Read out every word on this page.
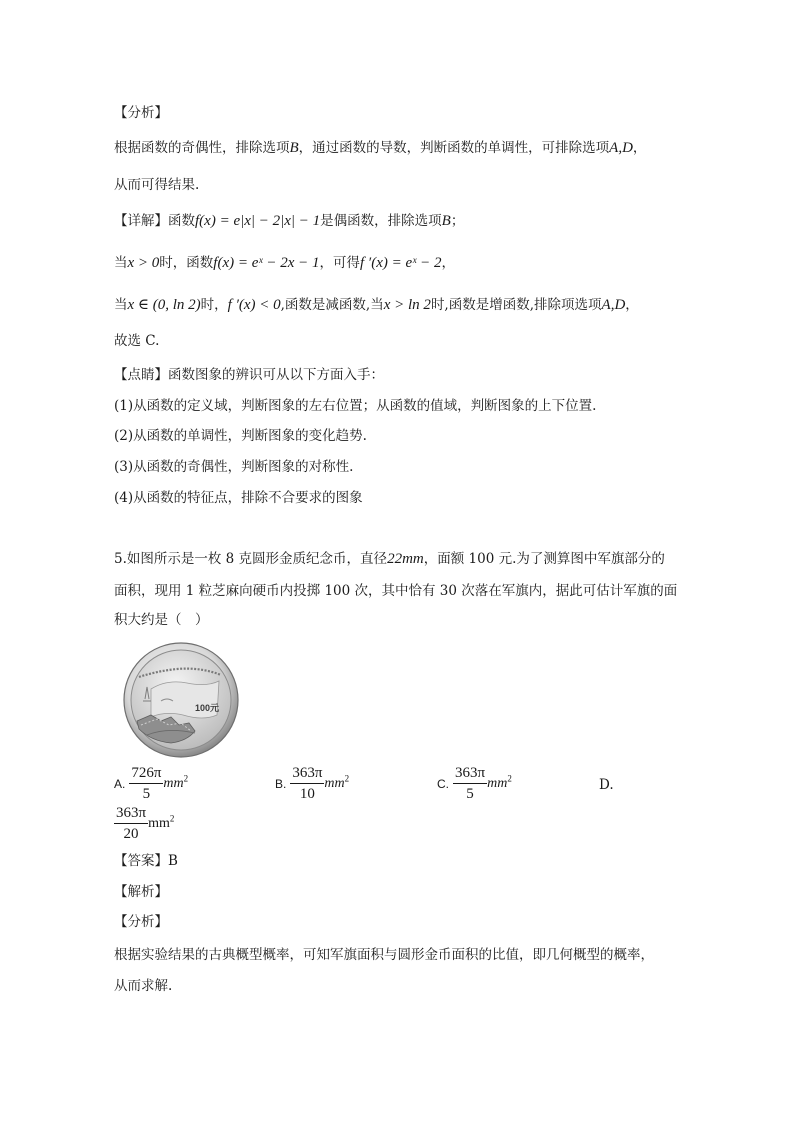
【分析】
根据函数的奇偶性，排除选项B，通过函数的导数，判断函数的单调性，可排除选项A,D，
从而可得结果.
【详解】函数f(x) = e|x| − 2|x| − 1是偶函数，排除选项B；
当x > 0时，函数f(x) = eˣ − 2x − 1，可得f ′(x) = eˣ − 2，
当x ∈ (0, ln 2)时，f ′(x) < 0,函数是减函数,当x > ln 2时,函数是增函数,排除项选项A,D，
故选 C.
【点睛】函数图象的辨识可从以下方面入手：
(1)从函数的定义域，判断图象的左右位置；从函数的值域，判断图象的上下位置.
(2)从函数的单调性，判断图象的变化趋势.
(3)从函数的奇偶性，判断图象的对称性.
(4)从函数的特征点，排除不合要求的图象
5.如图所示是一枚 8 克圆形金质纪念币，直径22mm，面额 100 元.为了测算图中军旗部分的
面积，现用 1 粒芝麻向硬币内投掷 100 次，其中恰有 30 次落在军旗内，据此可估计军旗的面
积大约是（　）
100元
A. $\frac{726\pi}{5} mm^2$	B. $\frac{363\pi}{10} mm^2$	C. $\frac{363\pi}{5} mm^2$	D.
$\frac{363\pi}{20} mm^2$
【答案】B
【解析】
【分析】
根据实验结果的古典概型概率，可知军旗面积与圆形金币面积的比值，即几何概型的概率，
从而求解.
